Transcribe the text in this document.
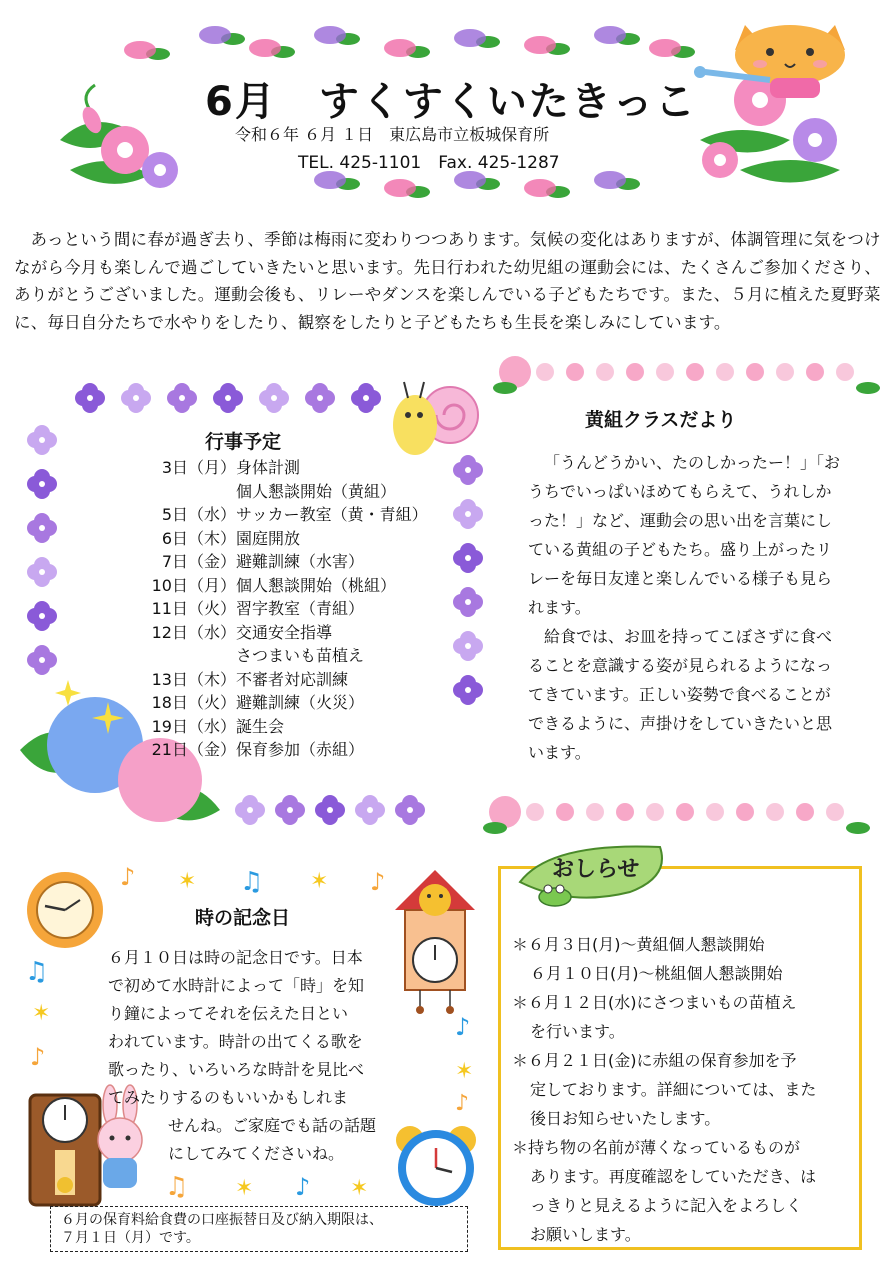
6月　すくすくいたきっこ
令和６年 ６月 １日　東広島市立板城保育所
TEL. 425-1101　Fax. 425-1287
あっという間に春が過ぎ去り、季節は梅雨に変わりつつあります。気候の変化はありますが、体調管理に気をつけながら今月も楽しんで過ごしていきたいと思います。先日行われた幼児組の運動会には、たくさんご参加くださり、ありがとうございました。運動会後も、リレーやダンスを楽しんでいる子どもたちです。また、５月に植えた夏野菜に、毎日自分たちで水やりをしたり、観察をしたりと子どもたちも生長を楽しみにしています。
行事予定
3日（月） 身体計測
個人懇談開始（黄組）
5日（水） サッカー教室（黄・青組）
6日（木） 園庭開放
7日（金） 避難訓練（水害）
10日（月） 個人懇談開始（桃組）
11日（火） 習字教室（青組）
12日（水） 交通安全指導
さつまいも苗植え
13日（木） 不審者対応訓練
18日（火） 避難訓練（火災）
19日（水） 誕生会
21日（金） 保育参加（赤組）
黄組クラスだより

「うんどうかい、たのしかったー！」「おうちでいっぱいほめてもらえて、うれしかった！」など、運動会の思い出を言葉にしている黄組の子どもたち。盛り上がったリレーを毎日友達と楽しんでいる様子も見られます。

給食では、お皿を持ってこぼさずに食べることを意識する姿が見られるようになってきています。正しい姿勢で食べることができるように、声掛けをしていきたいと思います。

♪	♫
♫
♪
♪
♪
♪
♫	♪
✶	✶
✶
✶
✶	✶
時の記念日
６月１０日は時の記念日です。日本
で初めて水時計によって「時」を知
り鐘によってそれを伝えた日とい
われています。時計の出てくる歌を
歌ったり、いろいろな時計を見比べ
てみたりするのもいいかもしれま
せんね。ご家庭でも話の話題
にしてみてくださいね。
６月の保育料給食費の口座振替日及び納入期限は、
７月１日（月）です。
おしらせ
＊６月３日(月)～黄組個人懇談開始
６月１０日(月)～桃組個人懇談開始
＊６月１２日(水)にさつまいもの苗植え
を行います。
＊６月２１日(金)に赤組の保育参加を予
定しております。詳細については、また
後日お知らせいたします。
＊持ち物の名前が薄くなっているものが
あります。再度確認をしていただき、は
っきりと見えるように記入をよろしく
お願いします。
